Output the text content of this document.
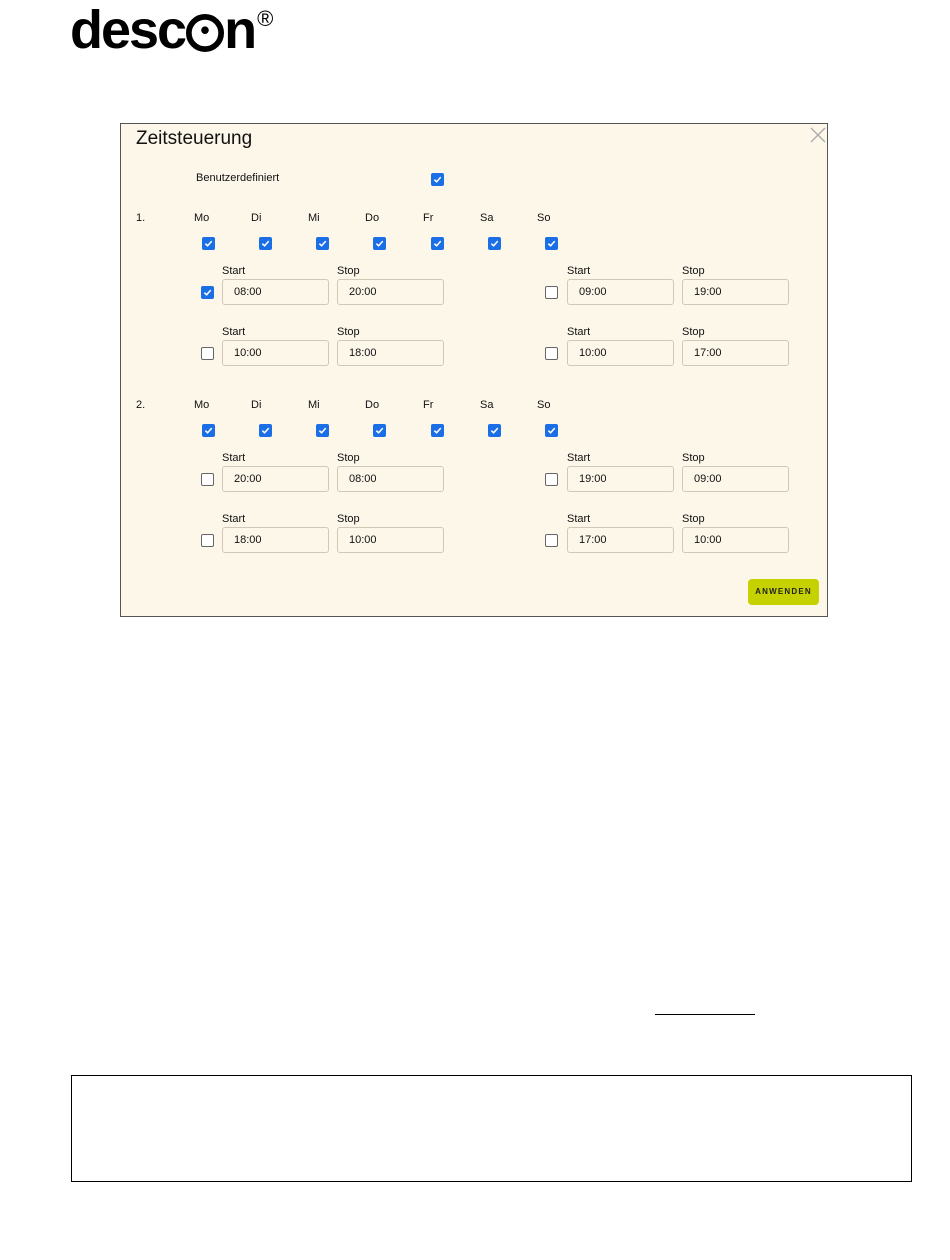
desc n ®
Zeitsteuerung
Benutzerdefiniert
1.	Mo	Di	Mi	Do	Fr	Sa	So
Start	Stop
08:00	20:00
Start	Stop
09:00	19:00
Start	Stop
10:00	18:00
Start	Stop
10:00	17:00
2.	Mo	Di	Mi	Do	Fr	Sa	So
Start	Stop
20:00	08:00
Start	Stop
19:00	09:00
Start	Stop
18:00	10:00
Start	Stop
17:00	10:00
ANWENDEN
